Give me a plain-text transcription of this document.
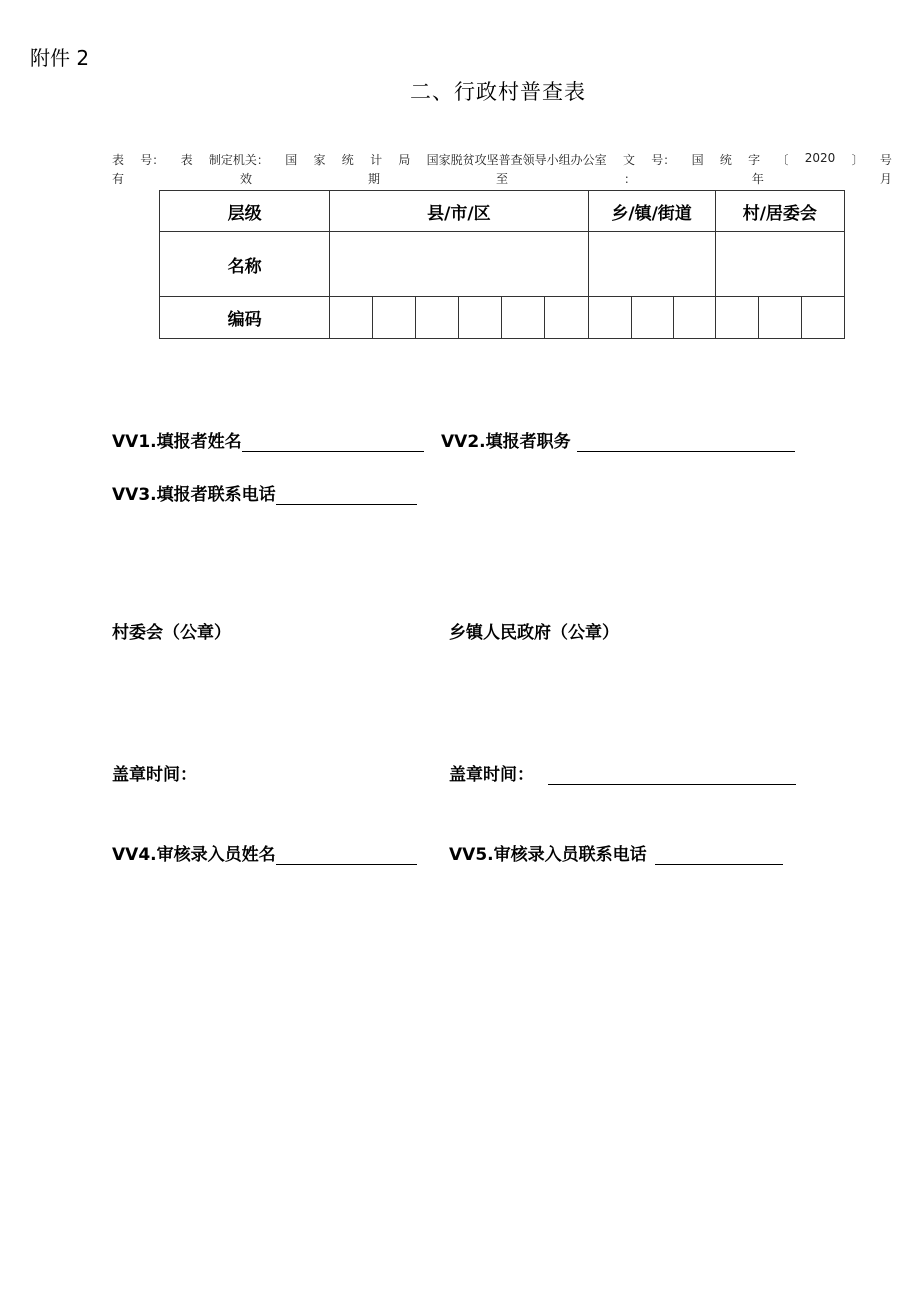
附件 2
二、行政村普查表
表 号： 表 制定机关： 国 家 统 计 局 国家脱贫攻坚普查领导小组办公室 文 号： 国 统 字 〔 2020 〕 号
有	效	期	至	：	年	月
层级	县/市/区						乡/镇/街道			村/居委会		
名称												
编码												
VV1.填报者姓名	VV2.填报者职务
VV3.填报者联系电话
村委会（公章）	乡镇人民政府（公章）
盖章时间：	盖章时间：
VV4.审核录入员姓名	VV5.审核录入员联系电话
